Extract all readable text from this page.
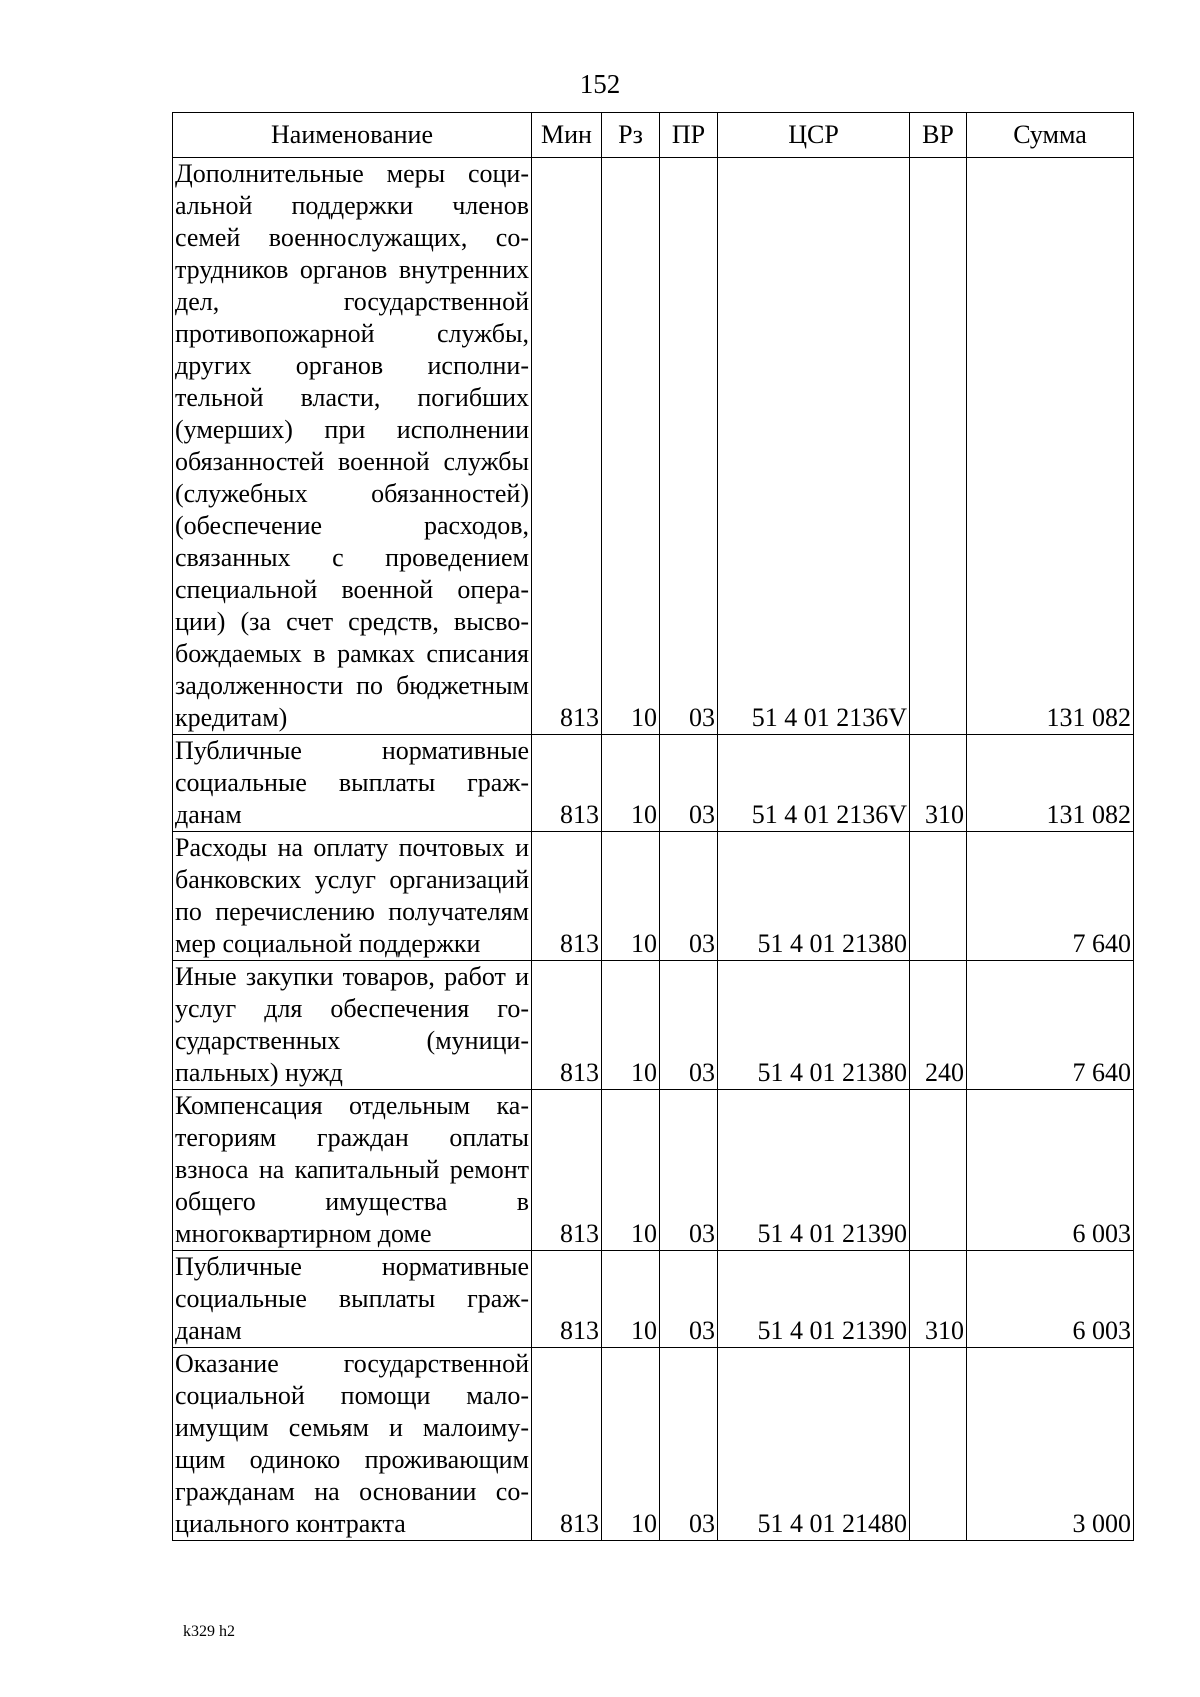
152
Наименование	Мин	Рз	ПР	ЦСР	ВР	Сумма
Дополнительные меры социальной поддержки членов семей военнослужащих, сотрудников органов внутренних дел, государственной противопожарной службы, других органов исполнительной власти, погибших (умерших) при исполнении обязанностей военной службы (служебных обязанностей) (обеспечение расходов, связанных с проведением специальной военной операции) (за счет средств, высвобождаемых в рамках списания задолженности по бюджетным кредитам)	813	10	03	51 4 01 2136V		131 082
Публичные нормативные социальные выплаты гражданам	813	10	03	51 4 01 2136V	310	131 082
Расходы на оплату почтовых и банковских услуг организаций по перечислению получателям мер социальной поддержки	813	10	03	51 4 01 21380		7 640
Иные закупки товаров, работ и услуг для обеспечения государственных (муниципальных) нужд	813	10	03	51 4 01 21380	240	7 640
Компенсация отдельным категориям граждан оплаты взноса на капитальный ремонт общего имущества в многоквартирном доме	813	10	03	51 4 01 21390		6 003
Публичные нормативные социальные выплаты гражданам	813	10	03	51 4 01 21390	310	6 003
Оказание государственной социальной помощи малоимущим семьям и малоимущим одиноко проживающим гражданам на основании социального контракта	813	10	03	51 4 01 21480		3 000
k329 h2
